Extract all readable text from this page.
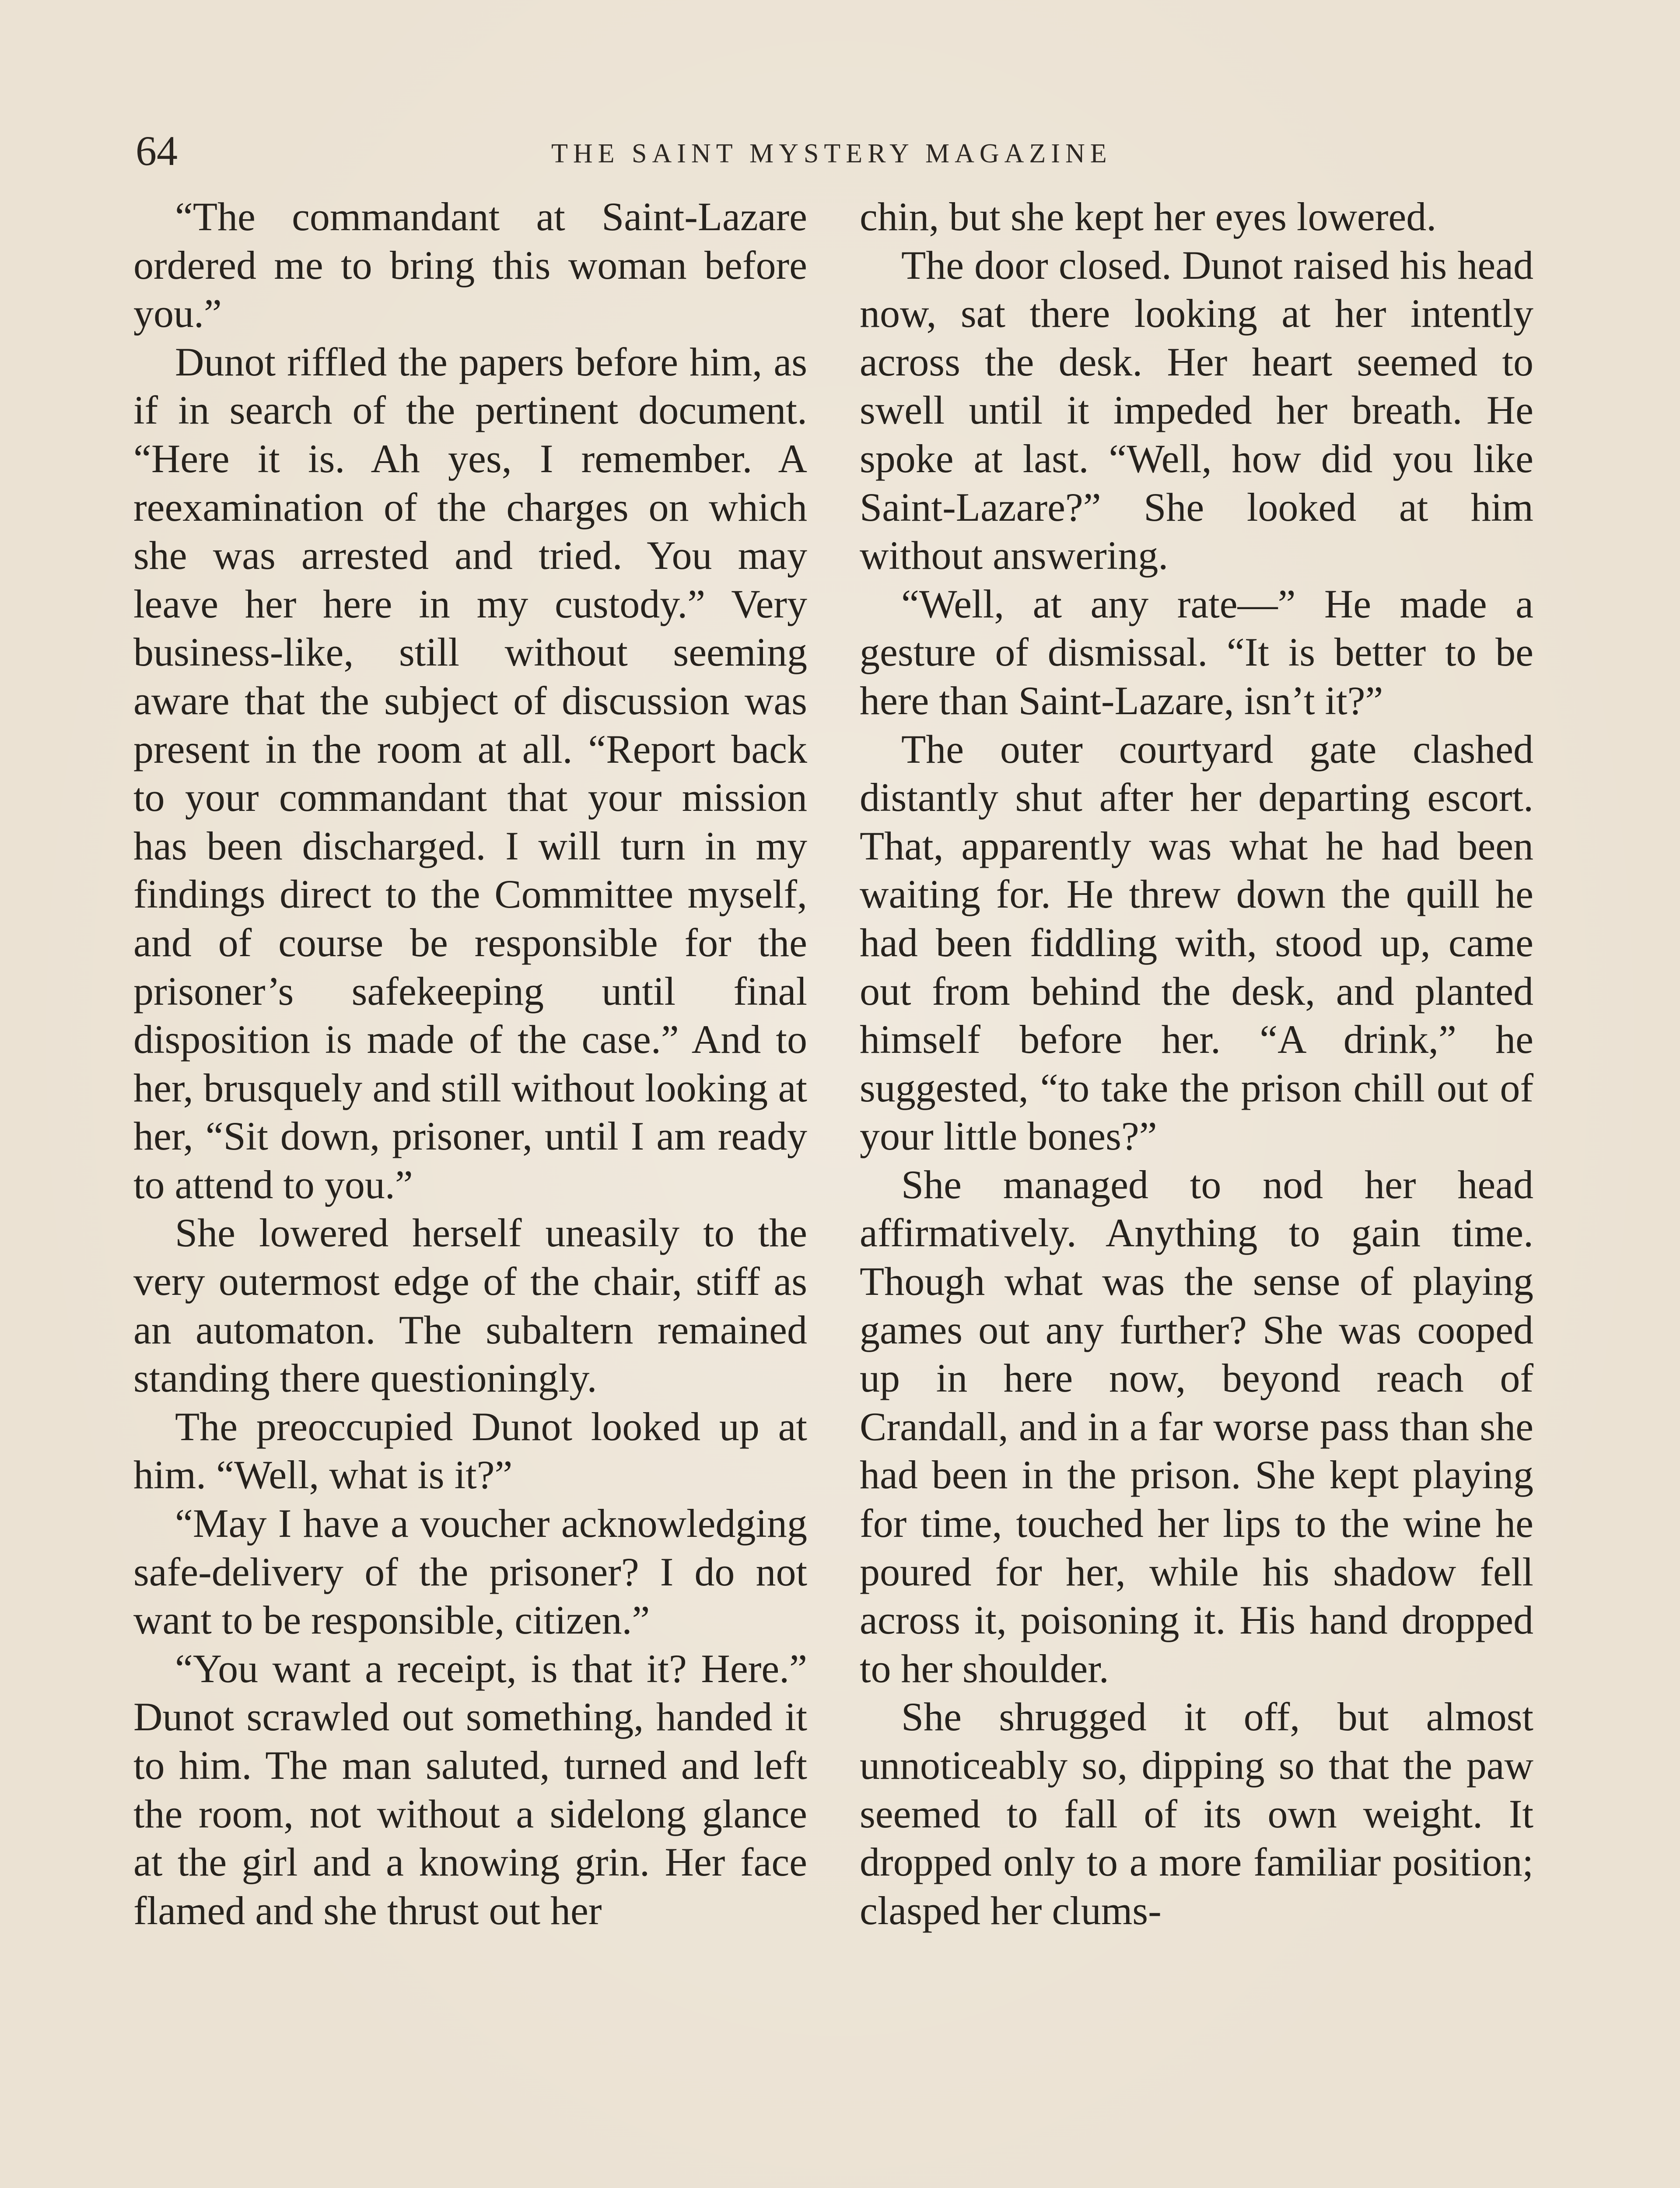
64	THE SAINT MYSTERY MAGAZINE

“The commandant at Saint-Lazare ordered me to bring this woman before you.”

Dunot riffled the papers before him, as if in search of the pertinent document. “Here it is. Ah yes, I remember. A reexamination of the charges on which she was arrested and tried. You may leave her here in my custody.” Very business-like, still without seeming aware that the subject of discussion was present in the room at all. “Report back to your commandant that your mission has been discharged. I will turn in my findings direct to the Committee myself, and of course be responsible for the prisoner’s safekeeping until final disposition is made of the case.” And to her, brusquely and still without looking at her, “Sit down, prisoner, until I am ready to attend to you.”

She lowered herself uneasily to the very outermost edge of the chair, stiff as an automaton. The subaltern remained standing there questioningly.

The preoccupied Dunot looked up at him. “Well, what is it?”

“May I have a voucher acknowledging safe-delivery of the prisoner? I do not want to be responsible, citizen.”

“You want a receipt, is that it? Here.” Dunot scrawled out something, handed it to him. The man saluted, turned and left the room, not without a sidelong glance at the girl and a knowing grin. Her face flamed and she thrust out her

chin, but she kept her eyes lowered.

The door closed. Dunot raised his head now, sat there looking at her intently across the desk. Her heart seemed to swell until it impeded her breath. He spoke at last. “Well, how did you like Saint-Lazare?” She looked at him without answering.

“Well, at any rate—” He made a gesture of dismissal. “It is better to be here than Saint-Lazare, isn’t it?”

The outer courtyard gate clashed distantly shut after her departing escort. That, apparently was what he had been waiting for. He threw down the quill he had been fiddling with, stood up, came out from behind the desk, and planted himself before her. “A drink,” he suggested, “to take the prison chill out of your little bones?”

She managed to nod her head affirmatively. Anything to gain time. Though what was the sense of playing games out any further? She was cooped up in here now, beyond reach of Crandall, and in a far worse pass than she had been in the prison. She kept playing for time, touched her lips to the wine he poured for her, while his shadow fell across it, poisoning it. His hand dropped to her shoulder.

She shrugged it off, but almost unnoticeably so, dipping so that the paw seemed to fall of its own weight. It dropped only to a more familiar position; clasped her clums-
